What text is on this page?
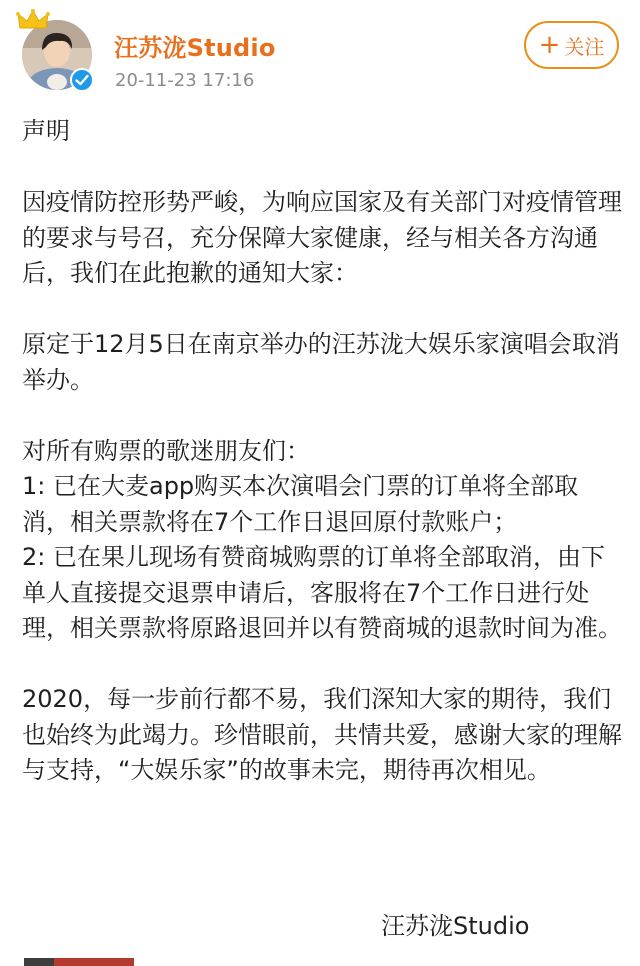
汪苏泷Studio
20-11-23 17:16
+ 关注

声明

因疫情防控形势严峻，为响应国家及有关部门对疫情管理的要求与号召，充分保障大家健康，经与相关各方沟通后，我们在此抱歉的通知大家：

原定于12月5日在南京举办的汪苏泷大娱乐家演唱会取消举办。

对所有购票的歌迷朋友们：

1: 已在大麦app购买本次演唱会门票的订单将全部取消，相关票款将在7个工作日退回原付款账户；

2: 已在果儿现场有赞商城购票的订单将全部取消，由下单人直接提交退票申请后，客服将在7个工作日进行处理，相关票款将原路退回并以有赞商城的退款时间为准。

2020，每一步前行都不易，我们深知大家的期待，我们也始终为此竭力。珍惜眼前，共情共爱，感谢大家的理解与支持，“大娱乐家”的故事未完，期待再次相见。

汪苏泷Studio
